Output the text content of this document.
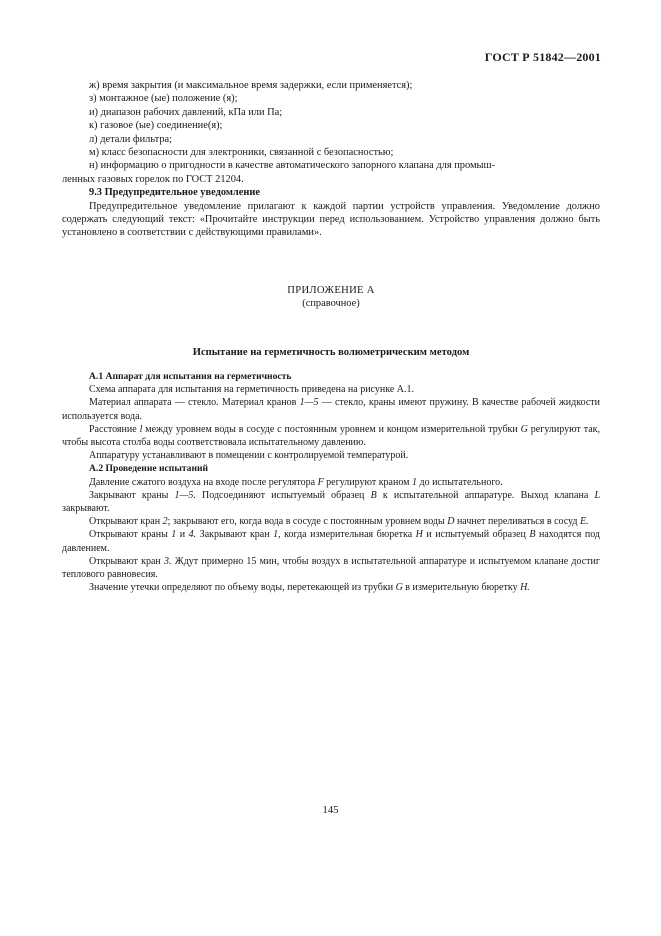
ГОСТ Р 51842—2001

ж) время закрытия (и максимальное время задержки, если применяется);

з) монтажное (ые) положение (я);

и) диапазон рабочих давлений, кПа или Па;

к) газовое (ые) соединение(я);

л) детали фильтра;

м) класс безопасности для электроники, связанной с безопасностью;

н) информацию о пригодности в качестве автоматического запорного клапана для промыш-

ленных газовых горелок по ГОСТ 21204.

9.3 Предупредительное уведомление

Предупредительное уведомление прилагают к каждой партии устройств управления. Уведомление должно содержать следующий текст: «Прочитайте инструкции перед использованием. Устройство управления должно быть установлено в соответствии с действующими правилами».

ПРИЛОЖЕНИЕ А
(справочное)
Испытание на герметичность волюметрическим методом

А.1 Аппарат для испытания на герметичность

Схема аппарата для испытания на герметичность приведена на рисунке А.1.

Материал аппарата — стекло. Материал кранов 1—5 — стекло, краны имеют пружину. В качестве рабочей жидкости используется вода.

Расстояние l между уровнем воды в сосуде с постоянным уровнем и концом измерительной трубки G регулируют так, чтобы высота столба воды соответствовала испытательному давлению.

Аппаратуру устанавливают в помещении с контролируемой температурой.

А.2 Проведение испытаний

Давление сжатого воздуха на входе после регулятора F регулируют краном 1 до испытательного.

Закрывают краны 1—5. Подсоединяют испытуемый образец B к испытательной аппаратуре. Выход клапана L закрывают.

Открывают кран 2; закрывают его, когда вода в сосуде с постоянным уровнем воды D начнет переливаться в сосуд E.

Открывают краны 1 и 4. Закрывают кран 1, когда измерительная бюретка H и испытуемый образец B находятся под давлением.

Открывают кран 3. Ждут примерно 15 мин, чтобы воздух в испытательной аппаратуре и испытуемом клапане достиг теплового равновесия.

Значение утечки определяют по объему воды, перетекающей из трубки G в измерительную бюретку H.

145
